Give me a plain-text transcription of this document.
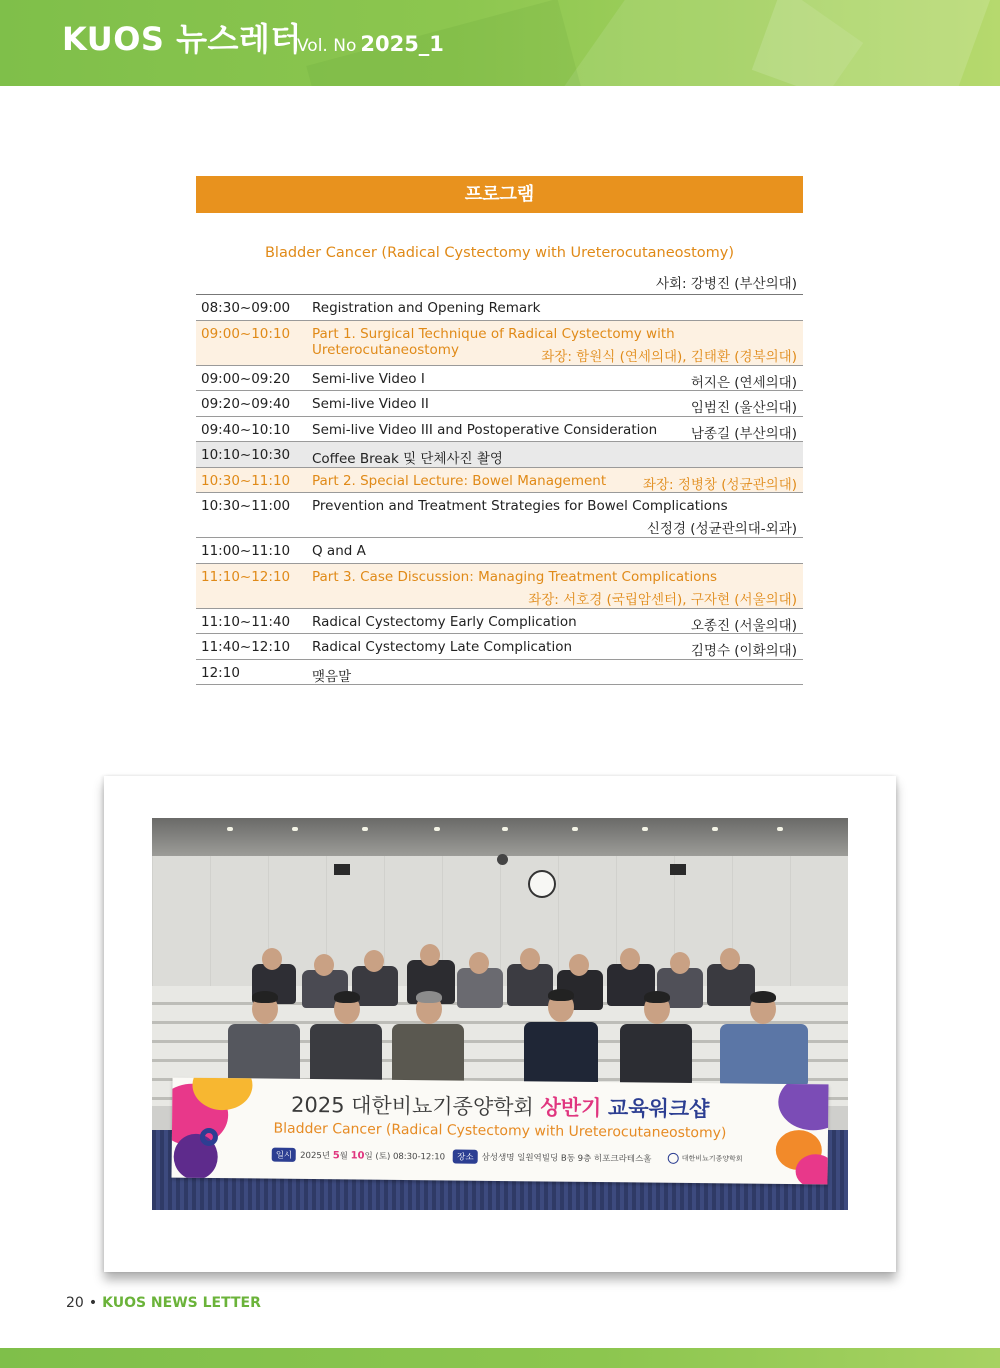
KUOS 뉴스레터
Vol. No 2025_1
프로그램
Bladder Cancer (Radical Cystectomy with Ureterocutaneostomy)
사회: 강병진 (부산의대)
08:30~09:00 Registration and Opening Remark
09:00~10:10 Part 1. Surgical Technique of Radical Cystectomy with Ureterocutaneostomy	좌장: 함원식 (연세의대), 김태환 (경북의대)
09:00~09:20 Semi-live Video I	허지은 (연세의대)
09:20~09:40 Semi-live Video II	임범진 (울산의대)
09:40~10:10 Semi-live Video III and Postoperative Consideration 남종길 (부산의대)
10:10~10:30 Coffee Break 및 단체사진 촬영
10:30~11:10 Part 2. Special Lecture: Bowel Management	좌장: 정병창 (성균관의대)
10:30~11:00 Prevention and Treatment Strategies for Bowel Complications
신정경 (성균관의대-외과)
11:00~11:10 Q and A
11:10~12:10 Part 3. Case Discussion: Managing Treatment Complications
좌장: 서호경 (국립암센터), 구자현 (서울의대)
11:10~11:40 Radical Cystectomy Early Complication	오종진 (서울의대)
11:40~12:10 Radical Cystectomy Late Complication	김명수 (이화의대)
12:10	맺음말
2025 대한비뇨기종양학회 상반기 교육워크샵
Bladder Cancer (Radical Cystectomy with Ureterocutaneostomy)
일시 2025년 5월 10일 (토) 08:30-12:10 장소 삼성생명 일원역빌딩 B동 9층 히포크라테스홀	대한비뇨기종양학회
20 • KUOS NEWS LETTER
